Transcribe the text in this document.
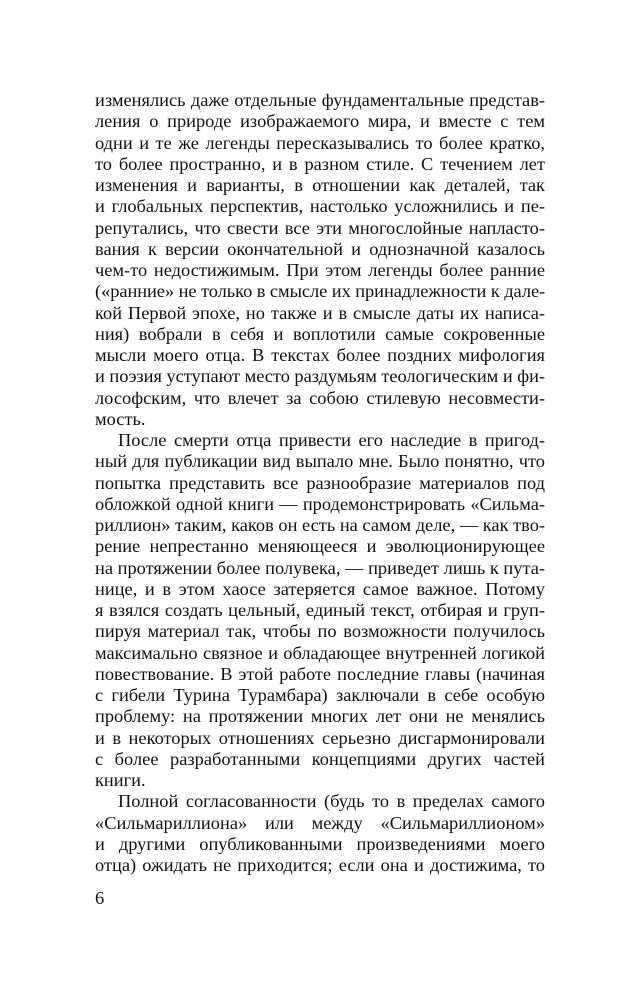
изменялись даже отдельные фундаментальные представ-
ления о природе изображаемого мира, и вместе с тем
одни и те же легенды пересказывались то более кратко,
то более пространно, и в разном стиле. С течением лет
изменения и варианты, в отношении как деталей, так
и глобальных перспектив, настолько усложнились и пе-
репутались, что свести все эти многослойные напласто-
вания к версии окончательной и однозначной казалось
чем-то недостижимым. При этом легенды более ранние
(«ранние» не только в смысле их принадлежности к дале-
кой Первой эпохе, но также и в смысле даты их написа-
ния) вобрали в себя и воплотили самые сокровенные
мысли моего отца. В текстах более поздних мифология
и поэзия уступают место раздумьям теологическим и фи-
лософским, что влечет за собою стилевую несовмести-
мость.
После смерти отца привести его наследие в пригод-
ный для публикации вид выпало мне. Было понятно, что
попытка представить все разнообразие материалов под
обложкой одной книги — продемонстрировать «Сильма-
риллион» таким, каков он есть на самом деле, — как тво-
рение непрестанно меняющееся и эволюционирующее
на протяжении более полувека, — приведет лишь к пута-
нице, и в этом хаосе затеряется самое важное. Потому
я взялся создать цельный, единый текст, отбирая и груп-
пируя материал так, чтобы по возможности получилось
максимально связное и обладающее внутренней логикой
повествование. В этой работе последние главы (начиная
с гибели Турина Турамбара) заключали в себе особую
проблему: на протяжении многих лет они не менялись
и в некоторых отношениях серьезно дисгармонировали
с более разработанными концепциями других частей
книги.
Полной согласованности (будь то в пределах самого
«Сильмариллиона» или между «Сильмариллионом»
и другими опубликованными произведениями моего
отца) ожидать не приходится; если она и достижима, то
6
